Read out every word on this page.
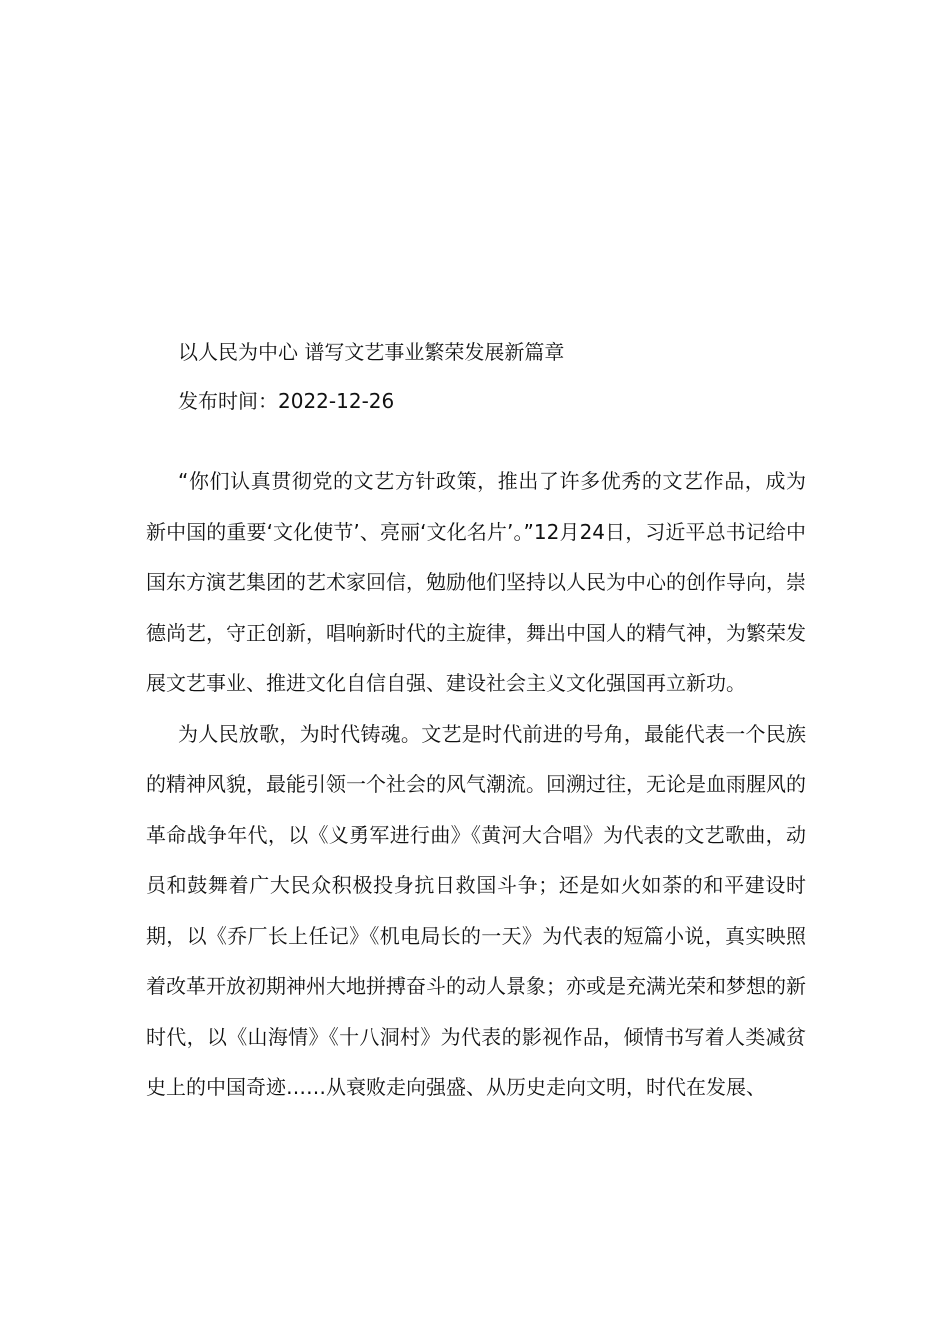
以人民为中心 谱写文艺事业繁荣发展新篇章
发布时间：2022-12-26

“你们认真贯彻党的文艺方针政策，推出了许多优秀的文艺作品，成为新中国的重要‘文化使节’、亮丽‘文化名片’。”12月24日，习近平总书记给中国东方演艺集团的艺术家回信，勉励他们坚持以人民为中心的创作导向，崇德尚艺，守正创新，唱响新时代的主旋律，舞出中国人的精气神，为繁荣发展文艺事业、推进文化自信自强、建设社会主义文化强国再立新功。

为人民放歌，为时代铸魂。文艺是时代前进的号角，最能代表一个民族的精神风貌，最能引领一个社会的风气潮流。回溯过往，无论是血雨腥风的革命战争年代，以《义勇军进行曲》《黄河大合唱》为代表的文艺歌曲，动员和鼓舞着广大民众积极投身抗日救国斗争；还是如火如荼的和平建设时期，以《乔厂长上任记》《机电局长的一天》为代表的短篇小说，真实映照着改革开放初期神州大地拼搏奋斗的动人景象；亦或是充满光荣和梦想的新时代，以《山海情》《十八洞村》为代表的影视作品，倾情书写着人类减贫史上的中国奇迹……从衰败走向强盛、从历史走向文明，时代在发展、
